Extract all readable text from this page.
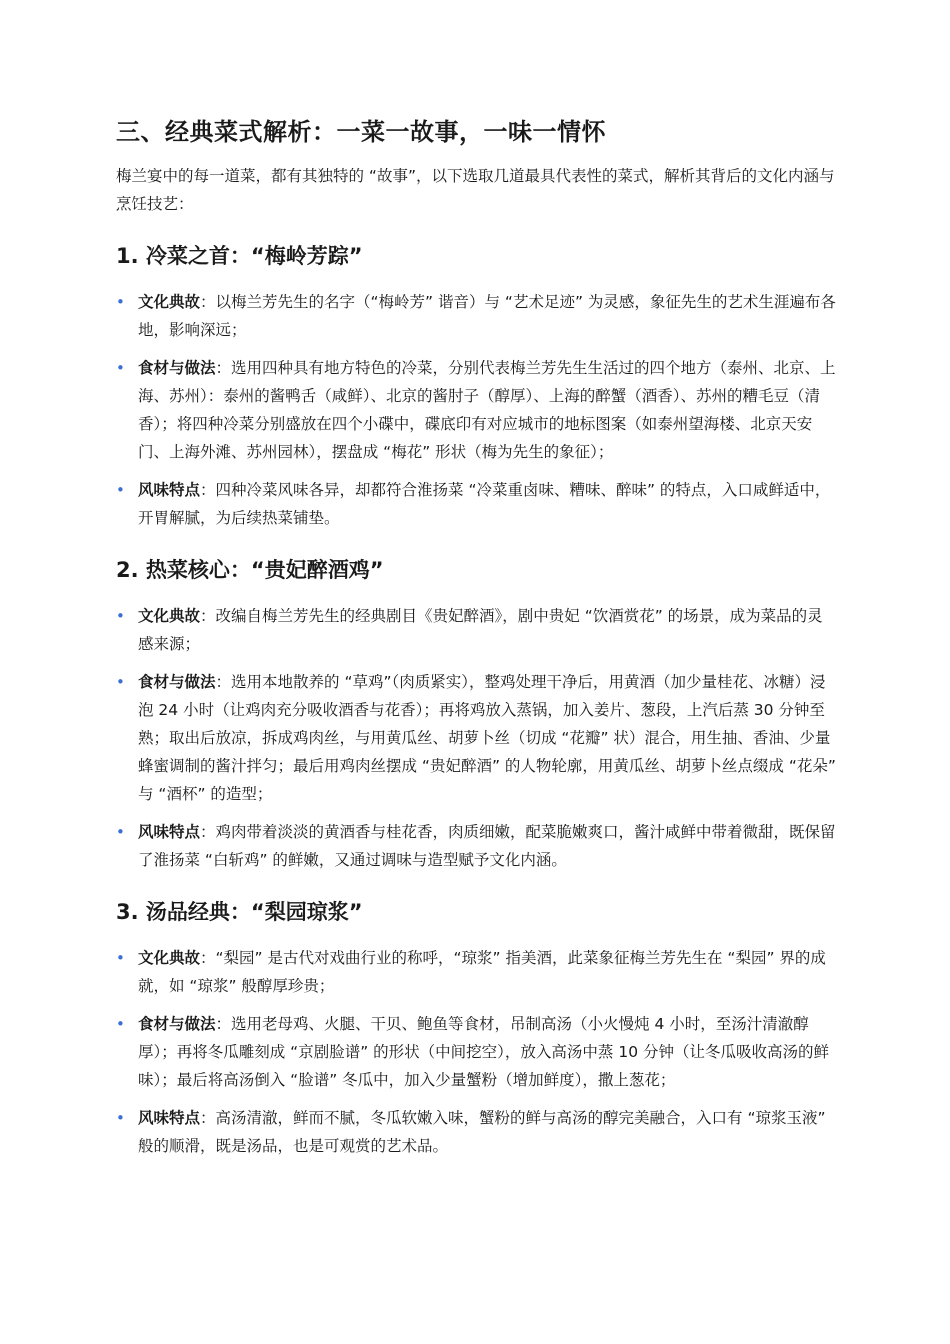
三、经典菜式解析：一菜一故事，一味一情怀

梅兰宴中的每一道菜，都有其独特的 “故事”，以下选取几道最具代表性的菜式，解析其背后的文化内涵与烹饪技艺：

1. 冷菜之首：“梅岭芳踪”
• 文化典故：以梅兰芳先生的名字（“梅岭芳” 谐音）与 “艺术足迹” 为灵感，象征先生的艺术生涯遍布各地，影响深远；
• 食材与做法：选用四种具有地方特色的冷菜，分别代表梅兰芳先生生活过的四个地方（泰州、北京、上海、苏州）：泰州的酱鸭舌（咸鲜）、北京的酱肘子（醇厚）、上海的醉蟹（酒香）、苏州的糟毛豆（清香）；将四种冷菜分别盛放在四个小碟中，碟底印有对应城市的地标图案（如泰州望海楼、北京天安门、上海外滩、苏州园林），摆盘成 “梅花” 形状（梅为先生的象征）；
• 风味特点：四种冷菜风味各异，却都符合淮扬菜 “冷菜重卤味、糟味、醉味” 的特点，入口咸鲜适中，开胃解腻，为后续热菜铺垫。
2. 热菜核心：“贵妃醉酒鸡”
• 文化典故：改编自梅兰芳先生的经典剧目《贵妃醉酒》，剧中贵妃 “饮酒赏花” 的场景，成为菜品的灵感来源；
• 食材与做法：选用本地散养的 “草鸡”（肉质紧实），整鸡处理干净后，用黄酒（加少量桂花、冰糖）浸泡 24 小时（让鸡肉充分吸收酒香与花香）；再将鸡放入蒸锅，加入姜片、葱段，上汽后蒸 30 分钟至熟；取出后放凉，拆成鸡肉丝，与用黄瓜丝、胡萝卜丝（切成 “花瓣” 状）混合，用生抽、香油、少量蜂蜜调制的酱汁拌匀；最后用鸡肉丝摆成 “贵妃醉酒” 的人物轮廓，用黄瓜丝、胡萝卜丝点缀成 “花朵” 与 “酒杯” 的造型；
• 风味特点：鸡肉带着淡淡的黄酒香与桂花香，肉质细嫩，配菜脆嫩爽口，酱汁咸鲜中带着微甜，既保留了淮扬菜 “白斩鸡” 的鲜嫩，又通过调味与造型赋予文化内涵。
3. 汤品经典：“梨园琼浆”
• 文化典故：“梨园” 是古代对戏曲行业的称呼，“琼浆” 指美酒，此菜象征梅兰芳先生在 “梨园” 界的成就，如 “琼浆” 般醇厚珍贵；
• 食材与做法：选用老母鸡、火腿、干贝、鲍鱼等食材，吊制高汤（小火慢炖 4 小时，至汤汁清澈醇厚）；再将冬瓜雕刻成 “京剧脸谱” 的形状（中间挖空），放入高汤中蒸 10 分钟（让冬瓜吸收高汤的鲜味）；最后将高汤倒入 “脸谱” 冬瓜中，加入少量蟹粉（增加鲜度），撒上葱花；
• 风味特点：高汤清澈，鲜而不腻，冬瓜软嫩入味，蟹粉的鲜与高汤的醇完美融合，入口有 “琼浆玉液” 般的顺滑，既是汤品，也是可观赏的艺术品。
